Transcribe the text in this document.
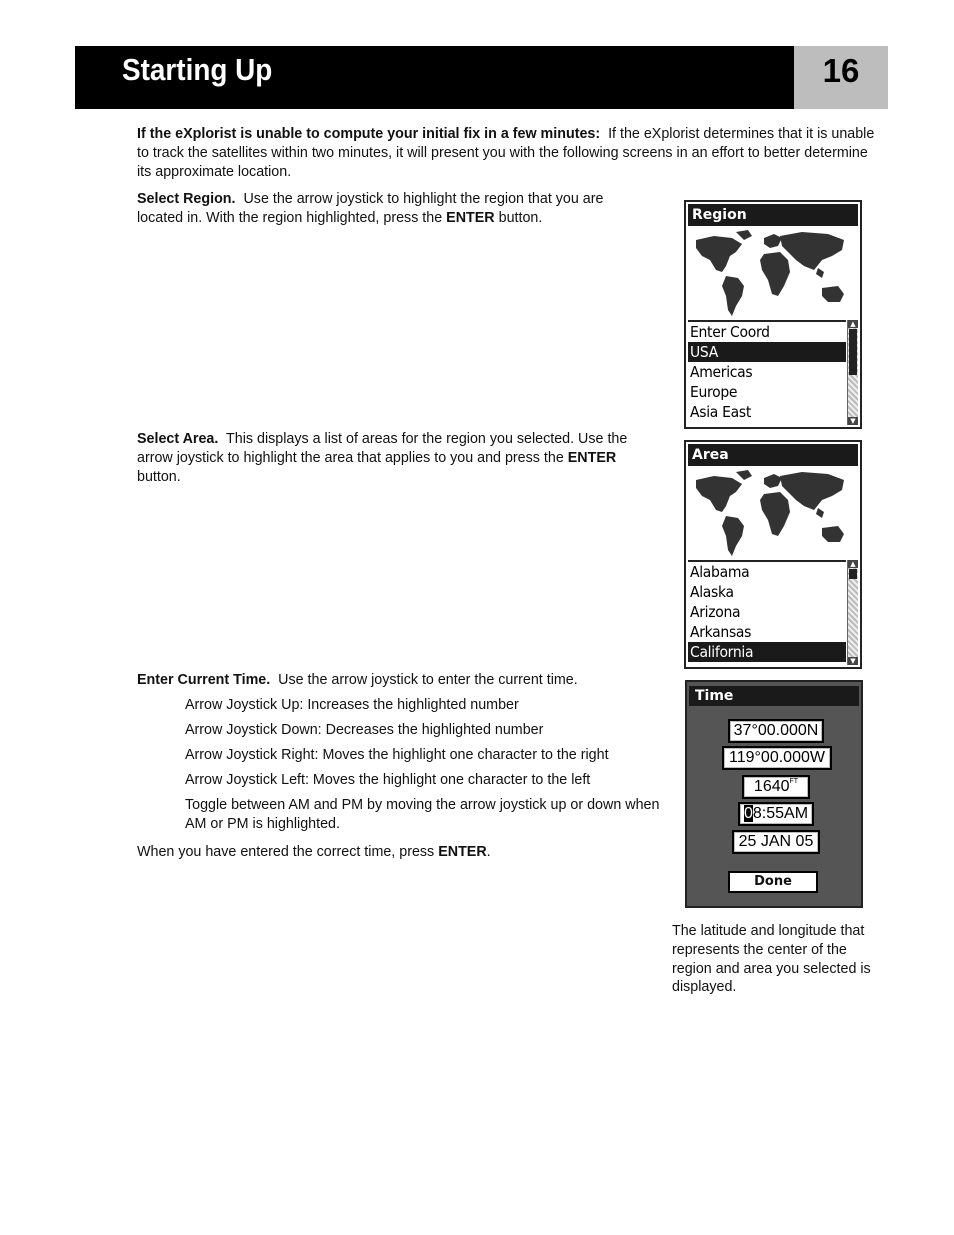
Starting Up	16
If the eXplorist is unable to compute your initial fix in a few minutes: If the eXplorist determines that it is unable to track the satellites within two minutes, it will present you with the following screens in an effort to better determine its approximate location.
Select Region. Use the arrow joystick to highlight the region that you are located in. With the region highlighted, press the ENTER button.
Select Area. This displays a list of areas for the region you selected. Use the arrow joystick to highlight the area that applies to you and press the ENTER button.
Enter Current Time. Use the arrow joystick to enter the current time.
Arrow Joystick Up: Increases the highlighted number
Arrow Joystick Down: Decreases the highlighted number
Arrow Joystick Right: Moves the highlight one character to the right
Arrow Joystick Left: Moves the highlight one character to the left
Toggle between AM and PM by moving the arrow joystick up or down when AM or PM is highlighted.
When you have entered the correct time, press ENTER.
Region
Enter Coord
USA
Americas
Europe
Asia East
▲
▼
Area
Alabama
Alaska
Arizona
Arkansas
California
▲
▼
Time
37°00.000N
119°00.000W
$1640^{FT}$
08:55AM
25 JAN 05
Done
The latitude and longitude that represents the center of the region and area you selected is displayed.
